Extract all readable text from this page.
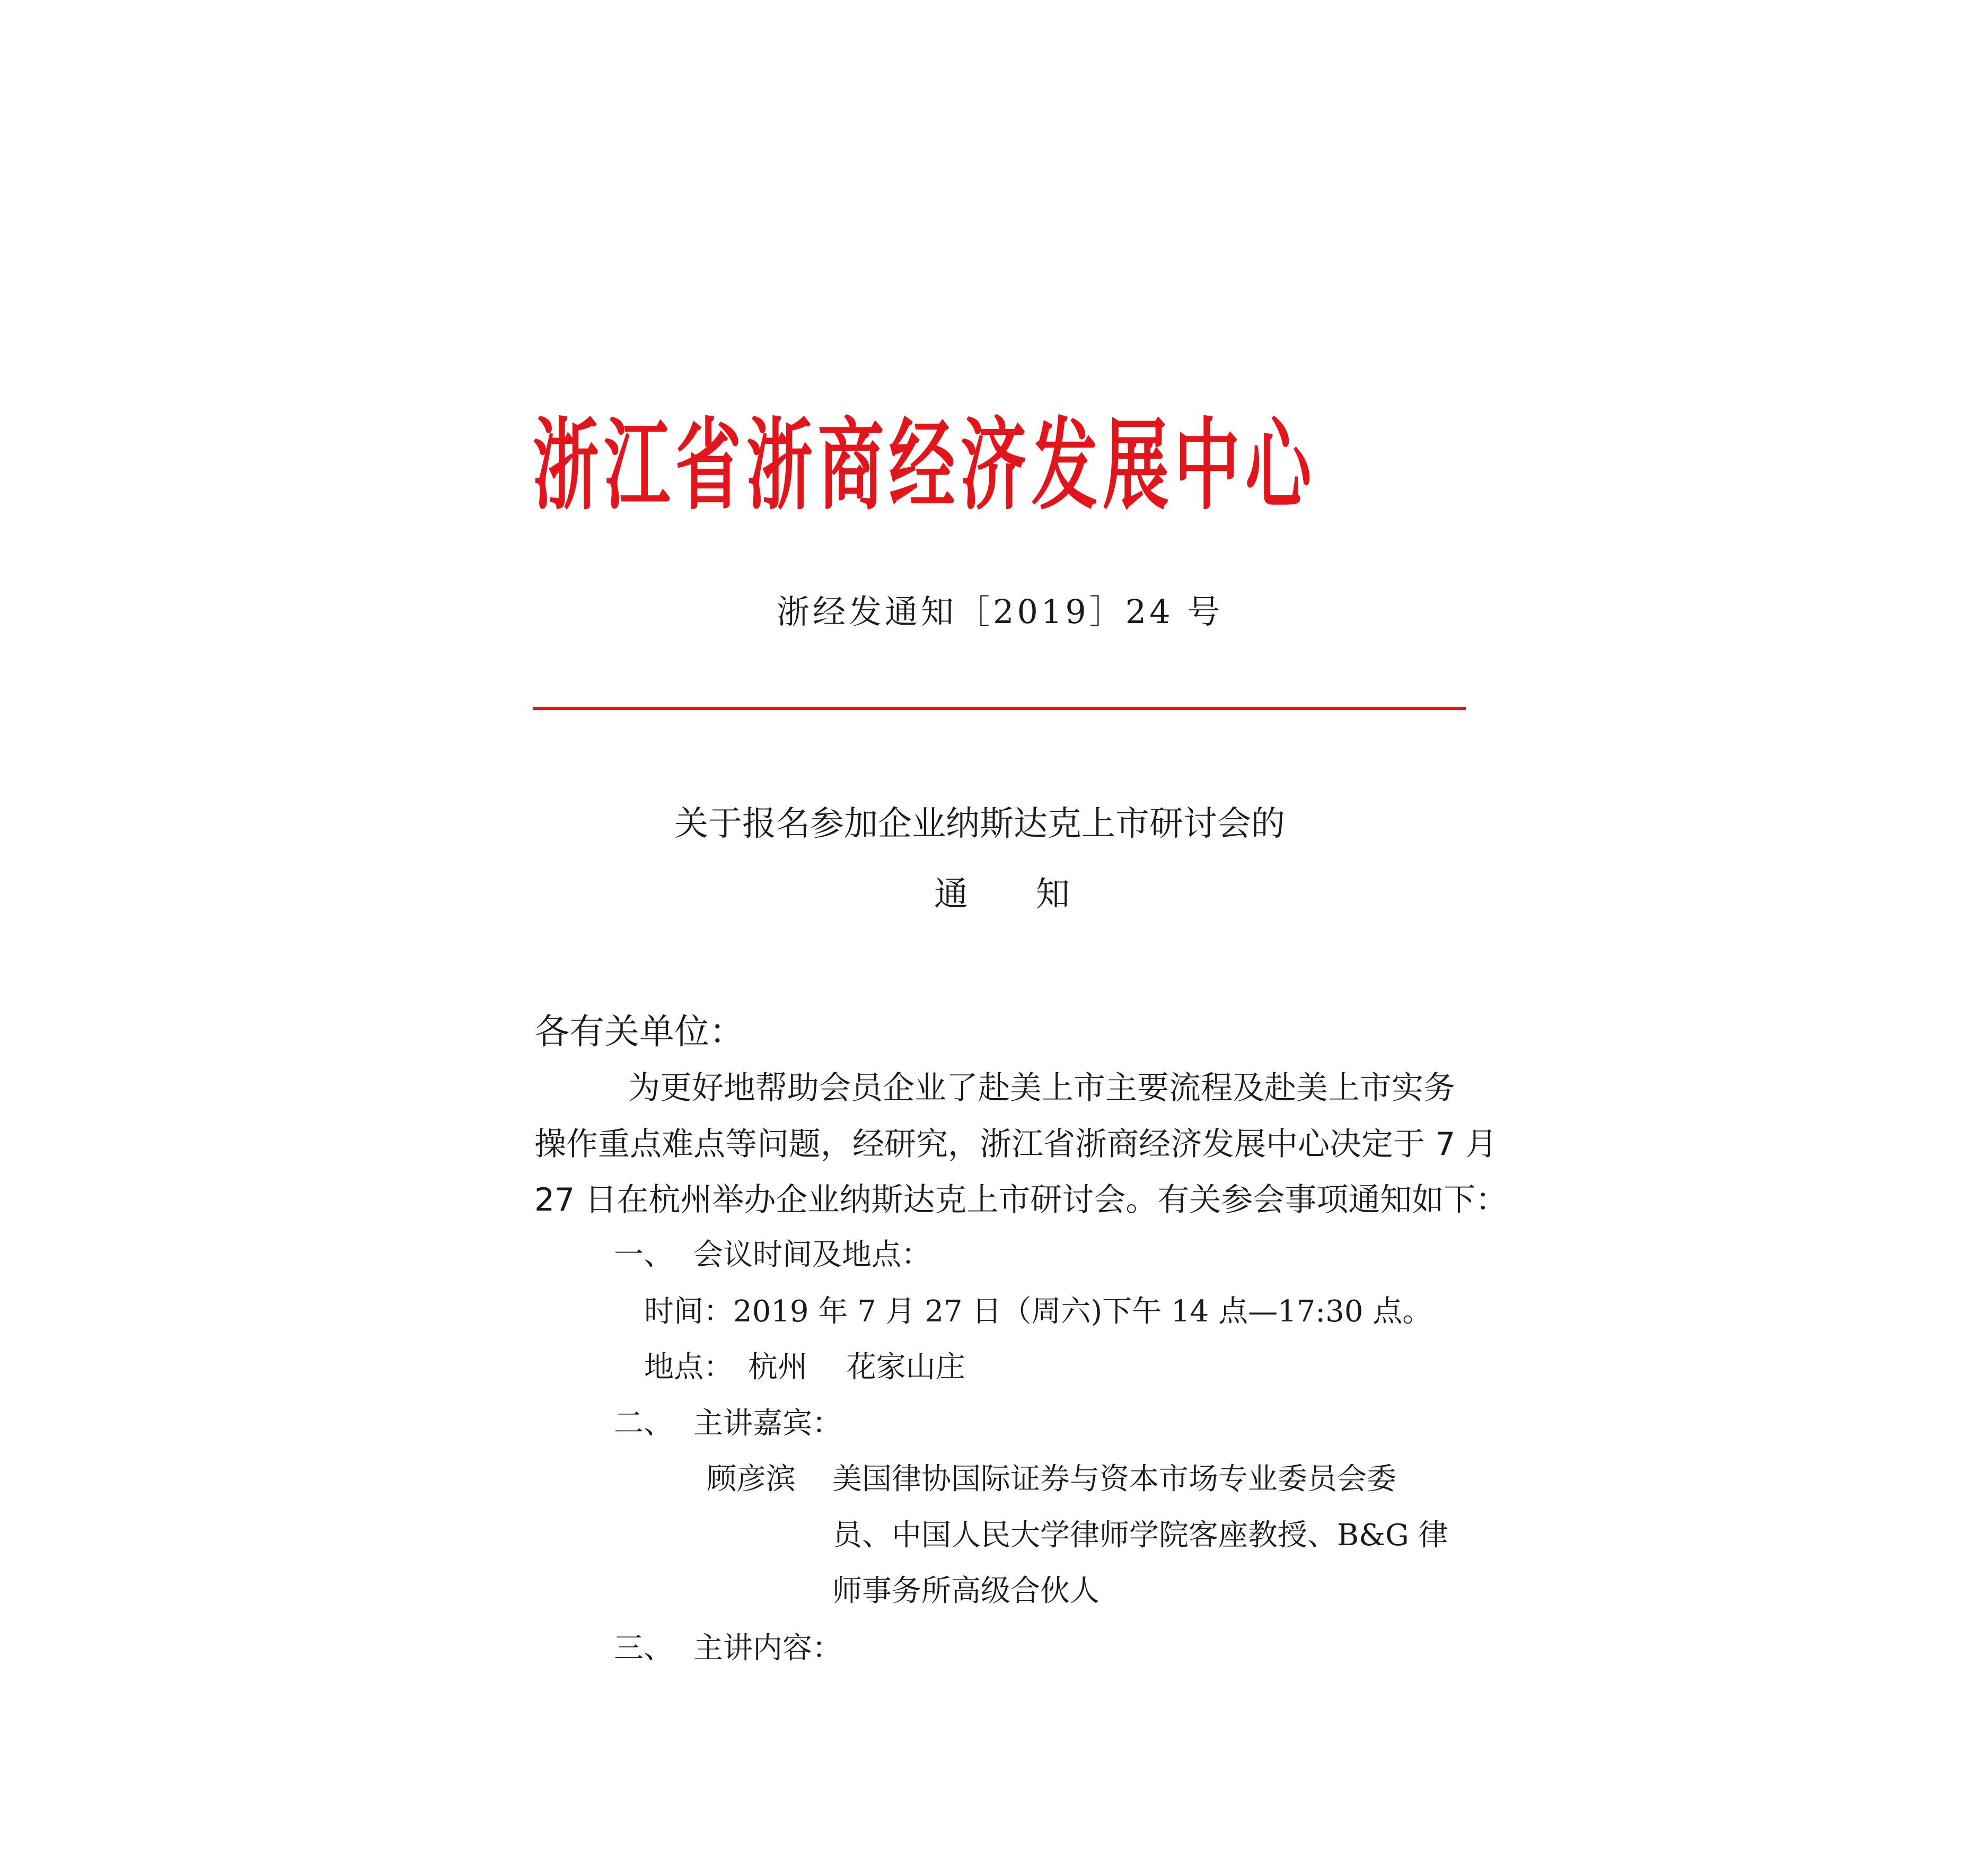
浙江省浙商经济发展中心
浙经发通知［2019］24 号
关于报名参加企业纳斯达克上市研讨会的
通　　知
各有关单位：
为更好地帮助会员企业了赴美上市主要流程及赴美上市实务
操作重点难点等问题，经研究，浙江省浙商经济发展中心决定于 7 月
27 日在杭州举办企业纳斯达克上市研讨会。有关参会事项通知如下：
一、 会议时间及地点：
时间：2019 年 7 月 27 日（周六)下午 14 点—17:30 点。
地点：　杭州　 花家山庄
二、 主讲嘉宾：
顾彦滨 美国律协国际证券与资本市场专业委员会委
员、中国人民大学律师学院客座教授、B&G 律
师事务所高级合伙人
三、 主讲内容：
